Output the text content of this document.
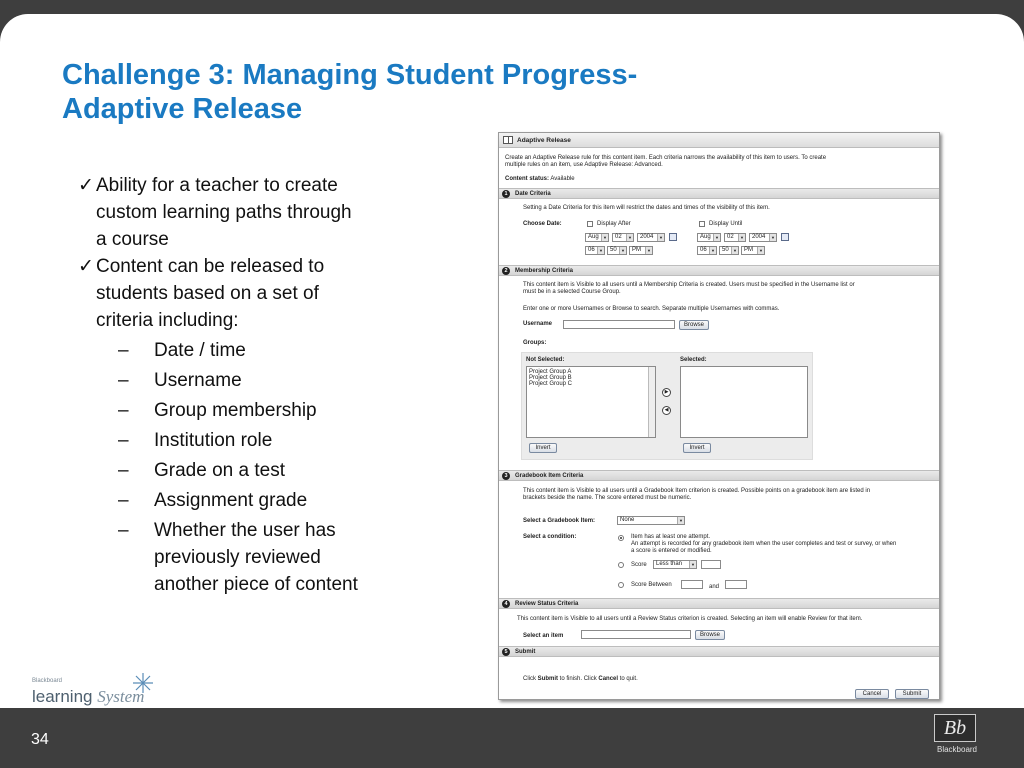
Challenge 3: Managing Student Progress-
Adaptive Release
✓ Ability for a teacher to create
custom learning paths through
a course
✓ Content can be released to
students based on a set of
criteria including:
– Date / time
– Username
– Group membership
– Institution role
– Grade on a test
– Assignment grade
– Whether the user has
previously reviewed
another piece of content
Blackboard
learning System
Adaptive Release
Create an Adaptive Release rule for this content item. Each criteria narrows the availability of this item to users. To create
multiple rules on an item, use Adaptive Release: Advanced.
Content status: Available
1	Date Criteria
Setting a Date Criteria for this item will restrict the dates and times of the visibility of this item.
Choose Date:	Display After	Display Until
Aug	▼	02	▼	2004	▼
06	▼	50	▼	PM	▼
Aug	▼	02	▼	2004	▼
06	▼	50	▼	PM	▼
2	Membership Criteria
This content item is Visible to all users until a Membership Criteria is created. Users must be specified in the Username list or
must be in a selected Course Group.
Enter one or more Usernames or Browse to search. Separate multiple Usernames with commas.
Username	Browse
Groups:
Not Selected:	Selected:
Project Group A
Project Group B
Project Group C
▶
◀
Invert	Invert
3	Gradebook Item Criteria
This content item is Visible to all users until a Gradebook Item criterion is created. Possible points on a gradebook item are listed in
brackets beside the name. The score entered must be numeric.
Select a Gradebook Item:	None	▼
Select a condition:	Item has at least one attempt.
An attempt is recorded for any gradebook item when the user completes and test or survey, or when
a score is entered or modified.
Score	Less than	▼
Score Between	and
4	Review Status Criteria
This content item is Visible to all users until a Review Status criterion is created. Selecting an item will enable Review for that item.
Select an item	Browse
5	Submit
Click Submit to finish. Click Cancel to quit.
Cancel	Submit
34
Bb
Blackboard
